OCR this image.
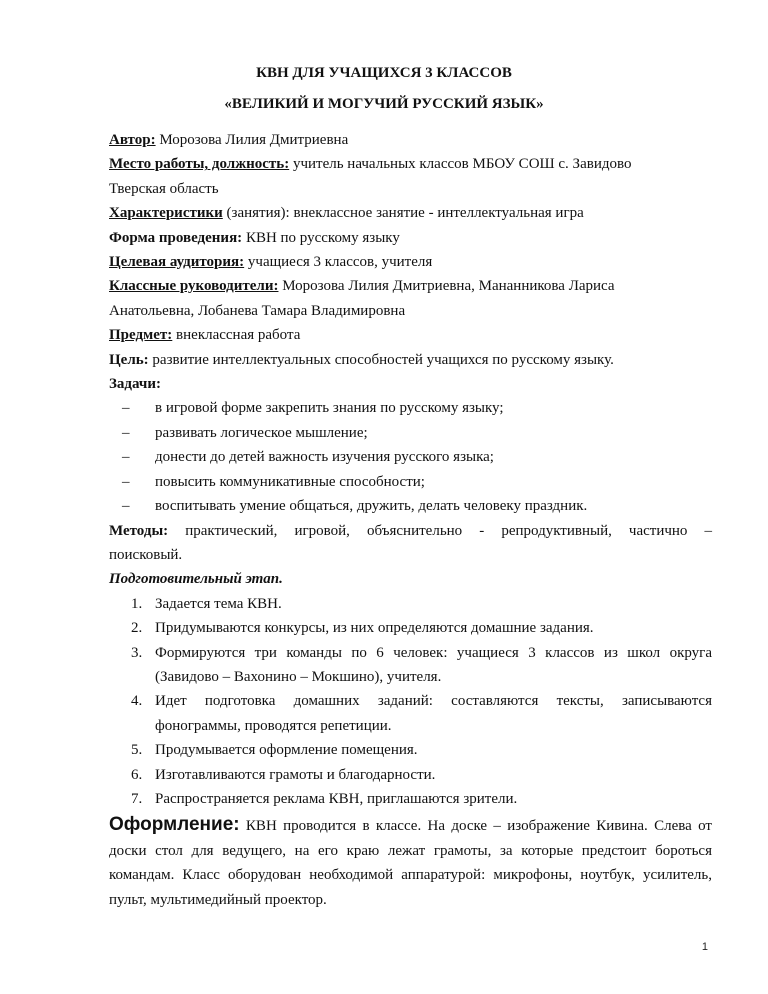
КВН ДЛЯ УЧАЩИХСЯ 3 КЛАССОВ
«ВЕЛИКИЙ И МОГУЧИЙ РУССКИЙ ЯЗЫК»

Автор: Морозова Лилия Дмитриевна

Место работы, должность: учитель начальных классов МБОУ СОШ с. Завидово

Тверская область

Характеристики (занятия): внеклассное занятие - интеллектуальная игра

Форма проведения: КВН по русскому языку

Целевая аудитория: учащиеся 3 классов, учителя

Классные руководители: Морозова Лилия Дмитриевна, Мананникова Лариса

Анатольевна, Лобанева Тамара Владимировна

Предмет: внеклассная работа

Цель: развитие интеллектуальных способностей учащихся по русскому языку.

Задачи:

– в игровой форме закрепить знания по русскому языку;
– развивать логическое мышление;
– донести до детей важность изучения русского языка;
– повысить коммуникативные способности;
– воспитывать умение общаться, дружить, делать человеку праздник.

Методы: практический, игровой, объяснительно - репродуктивный, частично –

поисковый.

Подготовительный этап.

1. Задается тема КВН.
2. Придумываются конкурсы, из них определяются домашние задания.
3. Формируются три команды по 6 человек: учащиеся 3 классов из школ округа
(Завидово – Вахонино – Мокшино), учителя.
4. Идет подготовка домашних заданий: составляются тексты, записываются
фонограммы, проводятся репетиции.
5. Продумывается оформление помещения.
6. Изготавливаются грамоты и благодарности.
7. Распространяется реклама КВН, приглашаются зрители.

Оформление: КВН проводится в классе. На доске – изображение Кивина. Слева от

доски стол для ведущего, на его краю лежат грамоты, за которые предстоит бороться

командам. Класс оборудован необходимой аппаратурой: микрофоны, ноутбук, усилитель,

пульт, мультимедийный проектор.

1
